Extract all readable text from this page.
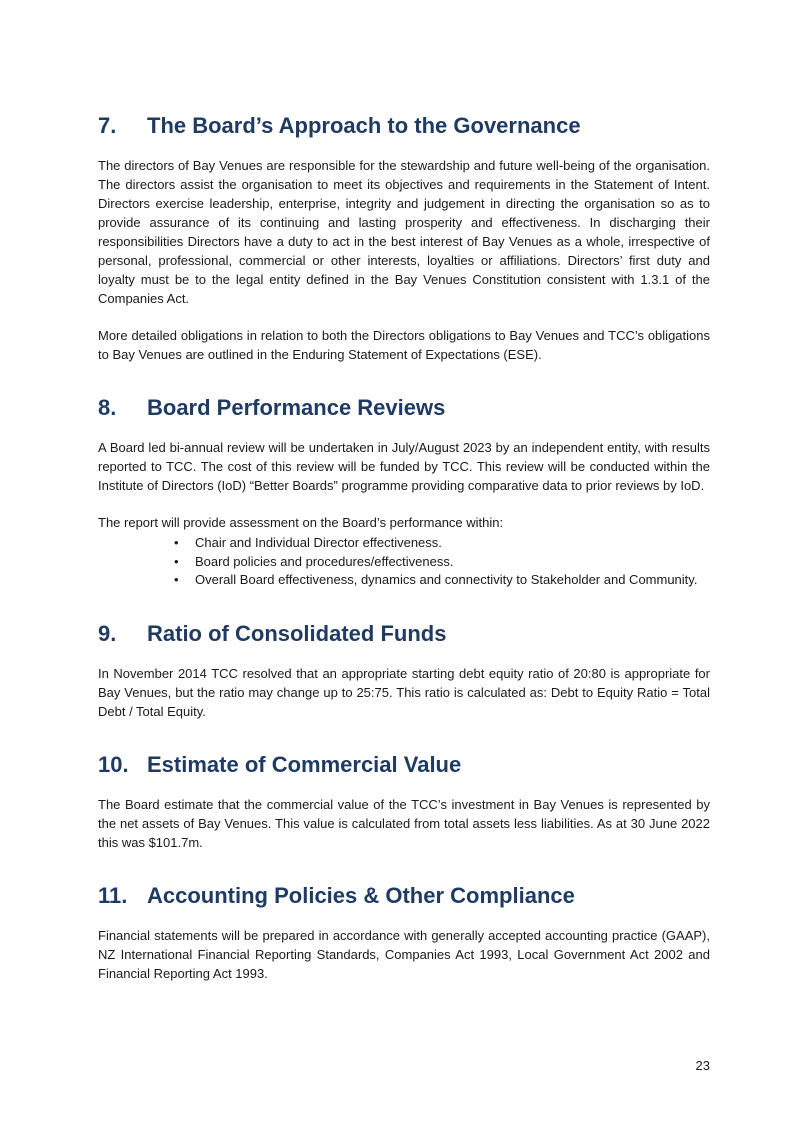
7.	The Board’s Approach to the Governance

The directors of Bay Venues are responsible for the stewardship and future well-being of the organisation. The directors assist the organisation to meet its objectives and requirements in the Statement of Intent. Directors exercise leadership, enterprise, integrity and judgement in directing the organisation so as to provide assurance of its continuing and lasting prosperity and effectiveness. In discharging their responsibilities Directors have a duty to act in the best interest of Bay Venues as a whole, irrespective of personal, professional, commercial or other interests, loyalties or affiliations. Directors’ first duty and loyalty must be to the legal entity defined in the Bay Venues Constitution consistent with 1.3.1 of the Companies Act.

More detailed obligations in relation to both the Directors obligations to Bay Venues and TCC’s obligations to Bay Venues are outlined in the Enduring Statement of Expectations (ESE).

8.	Board Performance Reviews

A Board led bi-annual review will be undertaken in July/August 2023 by an independent entity, with results reported to TCC. The cost of this review will be funded by TCC. This review will be conducted within the Institute of Directors (IoD) “Better Boards” programme providing comparative data to prior reviews by IoD.

The report will provide assessment on the Board’s performance within:

•	Chair and Individual Director effectiveness.
•	Board policies and procedures/effectiveness.
•	Overall Board effectiveness, dynamics and connectivity to Stakeholder and Community.
9.	Ratio of Consolidated Funds

In November 2014 TCC resolved that an appropriate starting debt equity ratio of 20:80 is appropriate for Bay Venues, but the ratio may change up to 25:75. This ratio is calculated as: Debt to Equity Ratio = Total Debt / Total Equity.

10. Estimate of Commercial Value

The Board estimate that the commercial value of the TCC’s investment in Bay Venues is represented by the net assets of Bay Venues. This value is calculated from total assets less liabilities. As at 30 June 2022 this was $101.7m.

11. Accounting Policies & Other Compliance

Financial statements will be prepared in accordance with generally accepted accounting practice (GAAP), NZ International Financial Reporting Standards, Companies Act 1993, Local Government Act 2002 and Financial Reporting Act 1993.

23
